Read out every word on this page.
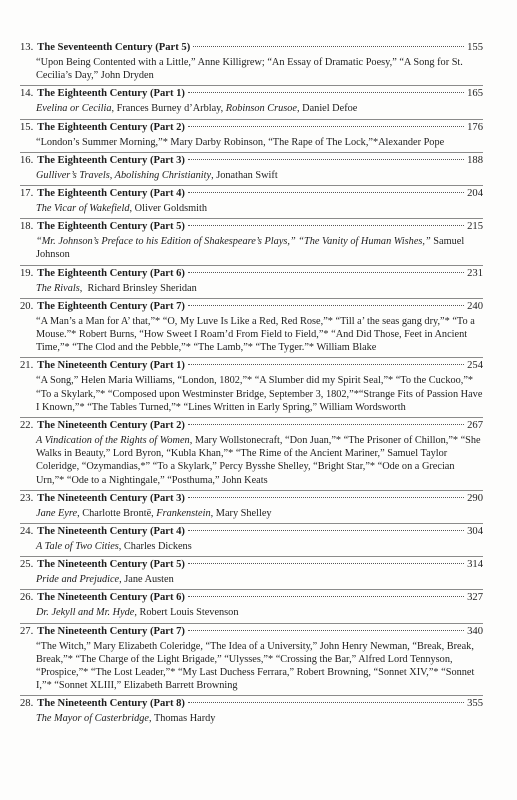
13. The Seventeenth Century (Part 5)	155
“Upon Being Contented with a Little,” Anne Killigrew; “An Essay of Dramatic Poesy,” “A Song for St. Cecilia’s Day,” John Dryden
14. The Eighteenth Century (Part 1)	165
Evelina or Cecilia, Frances Burney d’Arblay, Robinson Crusoe, Daniel Defoe
15. The Eighteenth Century (Part 2)	176
“London’s Summer Morning,”* Mary Darby Robinson, “The Rape of The Lock,”*Alexander Pope
16. The Eighteenth Century (Part 3)	188
Gulliver’s Travels, Abolishing Christianity, Jonathan Swift
17. The Eighteenth Century (Part 4)	204
The Vicar of Wakefield, Oliver Goldsmith
18. The Eighteenth Century (Part 5)	215
“Mr. Johnson’s Preface to his Edition of Shakespeare’s Plays,” “The Vanity of Human Wishes,” Samuel Johnson
19. The Eighteenth Century (Part 6)	231
The Rivals,  Richard Brinsley Sheridan
20. The Eighteenth Century (Part 7)	240
“A Man’s a Man for A’ that,”* “O, My Luve Is Like a Red, Red Rose,”* “Till a’ the seas gang dry,”* “To a Mouse.”* Robert Burns, “How Sweet I Roam’d From Field to Field,”* “And Did Those, Feet in Ancient Time,”* “The Clod and the Pebble,”* “The Lamb,”* “The Tyger.”* William Blake
21. The Nineteenth Century (Part 1)	254
“A Song,” Helen Maria Williams, “London, 1802,”* “A Slumber did my Spirit Seal,”* “To the Cuckoo,”* “To a Skylark,”* “Composed upon Westminster Bridge, September 3, 1802,”*“Strange Fits of Passion Have I Known,”* “The Tables Turned,”* “Lines Written in Early Spring,” William Wordsworth
22. The Nineteenth Century (Part 2)	267
A Vindication of the Rights of Women, Mary Wollstonecraft, “Don Juan,”* “The Prisoner of Chillon,”* “She Walks in Beauty,” Lord Byron, “Kubla Khan,”* “The Rime of the Ancient Mariner,” Samuel Taylor Coleridge, “Ozymandias,*” “To a Skylark,” Percy Bysshe Shelley, “Bright Star,”* “Ode on a Grecian Urn,”* “Ode to a Nightingale,” “Posthuma,” John Keats
23. The Nineteenth Century (Part 3)	290
Jane Eyre, Charlotte Brontë, Frankenstein, Mary Shelley
24. The Nineteenth Century (Part 4)	304
A Tale of Two Cities, Charles Dickens
25. The Nineteenth Century (Part 5)	314
Pride and Prejudice, Jane Austen
26. The Nineteenth Century (Part 6)	327
Dr. Jekyll and Mr. Hyde, Robert Louis Stevenson
27. The Nineteenth Century (Part 7)	340
“The Witch,” Mary Elizabeth Coleridge, “The Idea of a University,” John Henry Newman, “Break, Break, Break,”* “The Charge of the Light Brigade,” “Ulysses,”* “Crossing the Bar,” Alfred Lord Tennyson, “Prospice,”* “The Lost Leader,”* “My Last Duchess Ferrara,” Robert Browning, “Sonnet XIV,”* “Sonnet I,”* “Sonnet XLIII,” Elizabeth Barrett Browning
28. The Nineteenth Century (Part 8)	355
The Mayor of Casterbridge, Thomas Hardy
